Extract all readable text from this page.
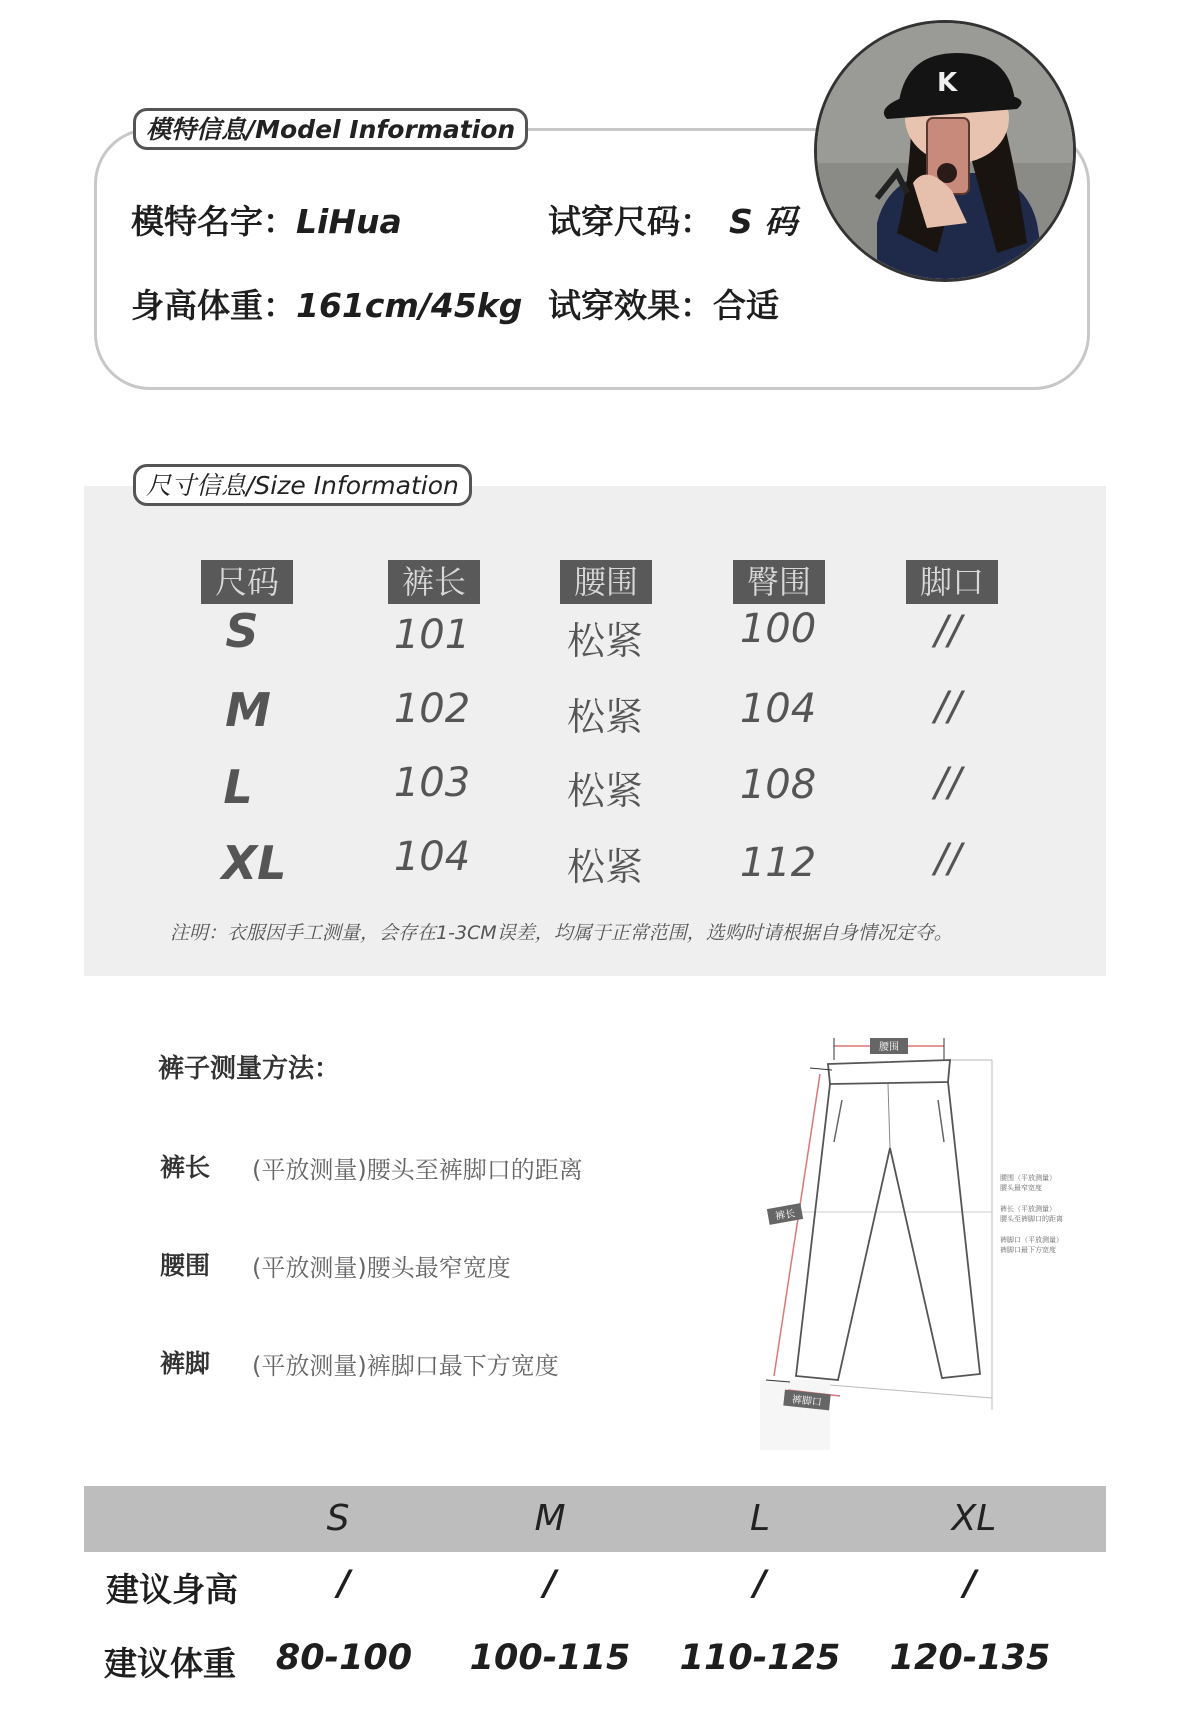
模特信息/Model Information
模特名字：LiHua	试穿尺码： S 码
身高体重：161cm/45kg 试穿效果：合适
K
尺寸信息/Size Information
尺码	裤长	腰围	臀围	脚口
S	101	松紧	100	//
M	102	松紧	104	//
L	103	松紧	108	//
XL	104	松紧	112	//
注明：衣服因手工测量，会存在1-3CM误差，均属于正常范围，选购时请根据自身情况定夺。
裤子测量方法：
裤长 (平放测量)腰头至裤脚口的距离
腰围 (平放测量)腰头最窄宽度
裤脚 (平放测量)裤脚口最下方宽度
腰围
裤长
裤脚口
腰围（平放测量）
腰头最窄宽度
裤长（平放测量）
腰头至裤脚口的距离
裤脚口（平放测量）
裤脚口最下方宽度
S	M	L	XL
建议身高	/	/	/	/
建议体重	80-100	100-115 110-125 120-135
